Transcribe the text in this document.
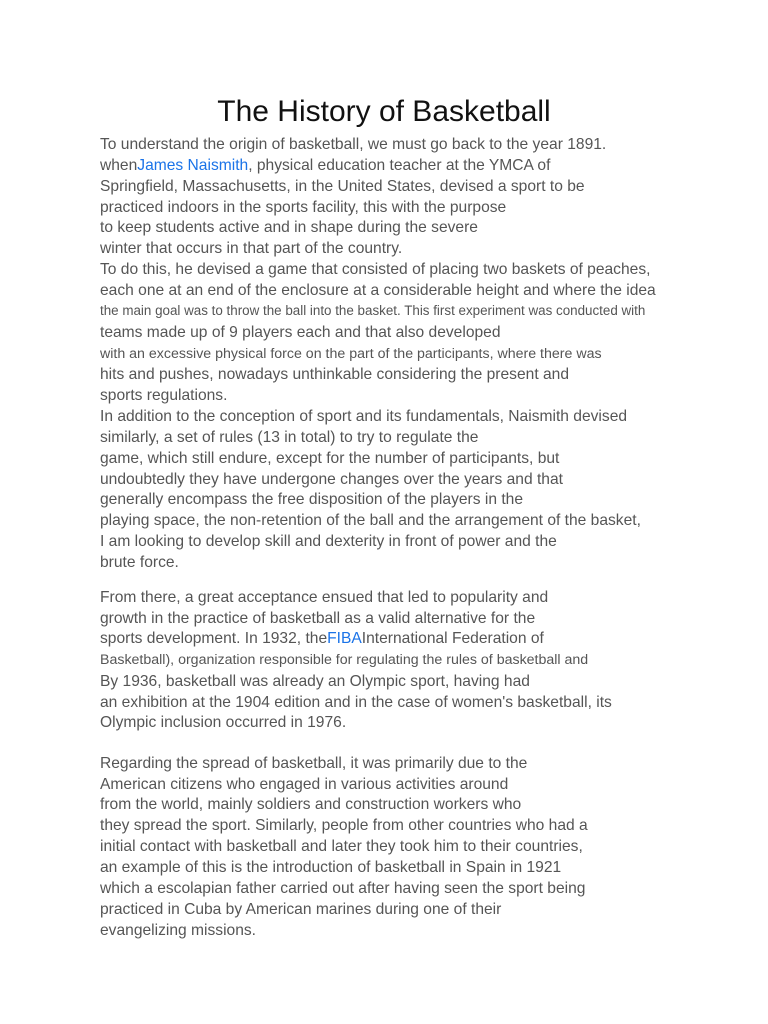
The History of Basketball
To understand the origin of basketball, we must go back to the year 1891.
whenJames Naismith, physical education teacher at the YMCA of
Springfield, Massachusetts, in the United States, devised a sport to be
practiced indoors in the sports facility, this with the purpose
to keep students active and in shape during the severe
winter that occurs in that part of the country.
To do this, he devised a game that consisted of placing two baskets of peaches,
each one at an end of the enclosure at a considerable height and where the idea
the main goal was to throw the ball into the basket. This first experiment was conducted with
teams made up of 9 players each and that also developed
with an excessive physical force on the part of the participants, where there was
hits and pushes, nowadays unthinkable considering the present and
sports regulations.
In addition to the conception of sport and its fundamentals, Naismith devised
similarly, a set of rules (13 in total) to try to regulate the
game, which still endure, except for the number of participants, but
undoubtedly they have undergone changes over the years and that
generally encompass the free disposition of the players in the
playing space, the non-retention of the ball and the arrangement of the basket,
I am looking to develop skill and dexterity in front of power and the
brute force.
From there, a great acceptance ensued that led to popularity and
growth in the practice of basketball as a valid alternative for the
sports development. In 1932, theFIBAInternational Federation of
Basketball), organization responsible for regulating the rules of basketball and
By 1936, basketball was already an Olympic sport, having had
an exhibition at the 1904 edition and in the case of women's basketball, its
Olympic inclusion occurred in 1976.
Regarding the spread of basketball, it was primarily due to the
American citizens who engaged in various activities around
from the world, mainly soldiers and construction workers who
they spread the sport. Similarly, people from other countries who had a
initial contact with basketball and later they took him to their countries,
an example of this is the introduction of basketball in Spain in 1921
which a escolapian father carried out after having seen the sport being
practiced in Cuba by American marines during one of their
evangelizing missions.
